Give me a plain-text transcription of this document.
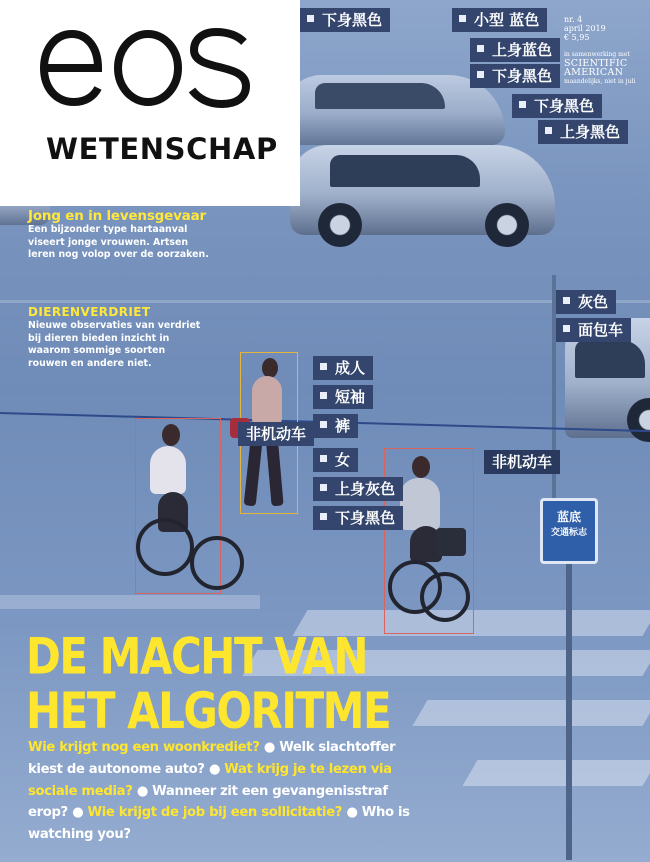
蓝底
交通标志
成人
短袖
裤
女
上身灰色
下身黑色
非机动车
非机动车
灰色
面包车
小型 蓝色
上身蓝色
下身黑色
下身黑色
上身黑色
下身黑色
WETENSCHAP
nr. 4
april 2019
€ 5,95
in samenwerking met
SCIENTIFIC
AMERICAN
maandelijks, niet in juli
Jong en in levensgevaar

Een bijzonder type hartaanval

viseert jonge vrouwen. Artsen

leren nog volop over de oorzaken.

DIERENVERDRIET

Nieuwe observaties van verdriet

bij dieren bieden inzicht in

waarom sommige soorten

rouwen en andere niet.

DE MACHT VAN
HET ALGORITME
Wie krijgt nog een woonkrediet? ● Welk slachtoffer kiest de autonome auto? ● Wat krijg je te lezen via sociale media? ● Wanneer zit een gevangenisstraf erop? ● Wie krijgt de job bij een sollicitatie? ● Who is watching you?
